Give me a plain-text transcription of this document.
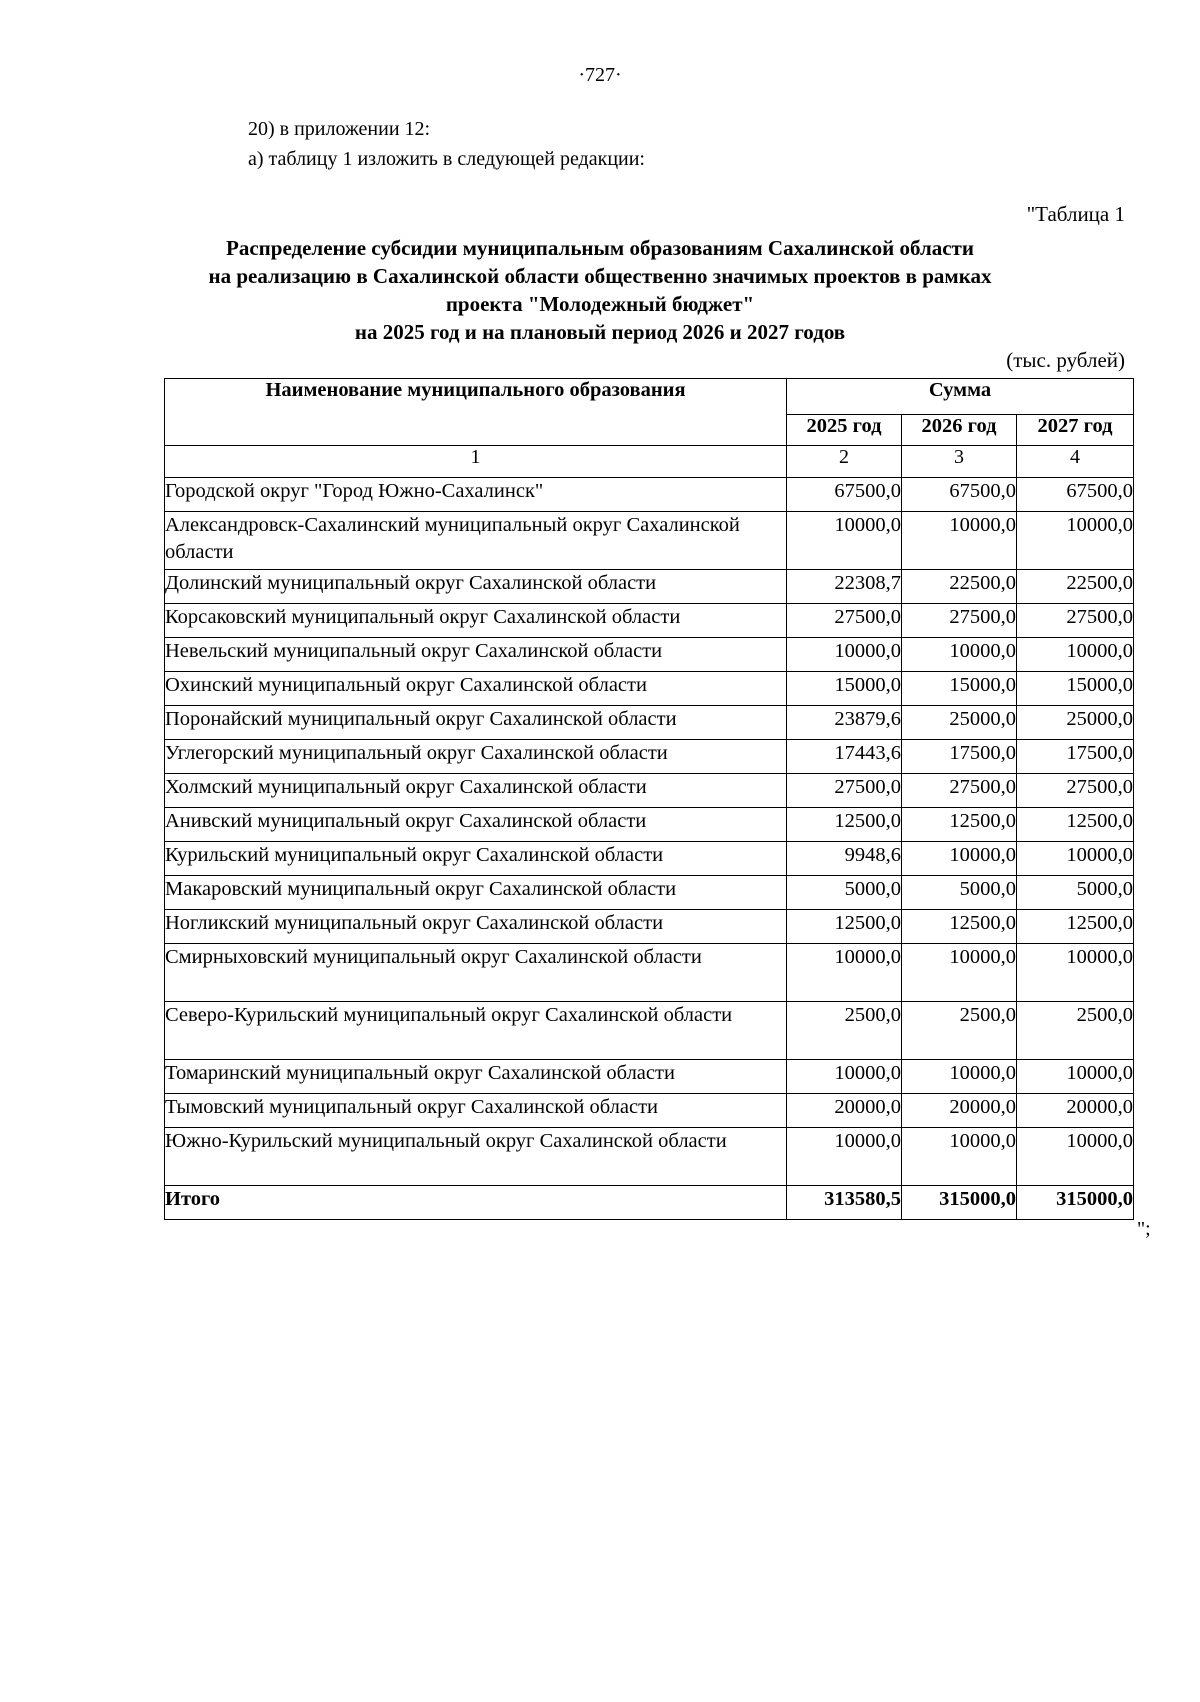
·727·
20) в приложении 12:
а) таблицу 1 изложить в следующей редакции:
"Таблица 1
Распределение субсидии муниципальным образованиям Сахалинской области
на реализацию в Сахалинской области общественно значимых проектов в рамках
проекта "Молодежный бюджет"
на 2025 год и на плановый период 2026 и 2027 годов
(тыс. рублей)
Наименование муниципального образования	Сумма		
	2025 год	2026 год	2027 год
1	2	3	4
Городской округ "Город Южно-Сахалинск"	67500,0	67500,0	67500,0
Александровск-Сахалинский муниципальный округ Сахалинской области	10000,0	10000,0	10000,0
Долинский муниципальный округ Сахалинской области	22308,7	22500,0	22500,0
Корсаковский муниципальный округ Сахалинской области	27500,0	27500,0	27500,0
Невельский муниципальный округ Сахалинской области	10000,0	10000,0	10000,0
Охинский муниципальный округ Сахалинской области	15000,0	15000,0	15000,0
Поронайский муниципальный округ Сахалинской области	23879,6	25000,0	25000,0
Углегорский муниципальный округ Сахалинской области	17443,6	17500,0	17500,0
Холмский муниципальный округ Сахалинской области	27500,0	27500,0	27500,0
Анивский муниципальный округ Сахалинской области	12500,0	12500,0	12500,0
Курильский муниципальный округ Сахалинской области	9948,6	10000,0	10000,0
Макаровский муниципальный округ Сахалинской области	5000,0	5000,0	5000,0
Ногликский муниципальный округ Сахалинской области	12500,0	12500,0	12500,0
Смирныховский муниципальный округ Сахалинской области	10000,0	10000,0	10000,0
Северо-Курильский муниципальный округ Сахалинской области	2500,0	2500,0	2500,0
Томаринский муниципальный округ Сахалинской области	10000,0	10000,0	10000,0
Тымовский муниципальный округ Сахалинской области	20000,0	20000,0	20000,0
Южно-Курильский муниципальный округ Сахалинской области	10000,0	10000,0	10000,0
Итого	313580,5	315000,0	315000,0
";
